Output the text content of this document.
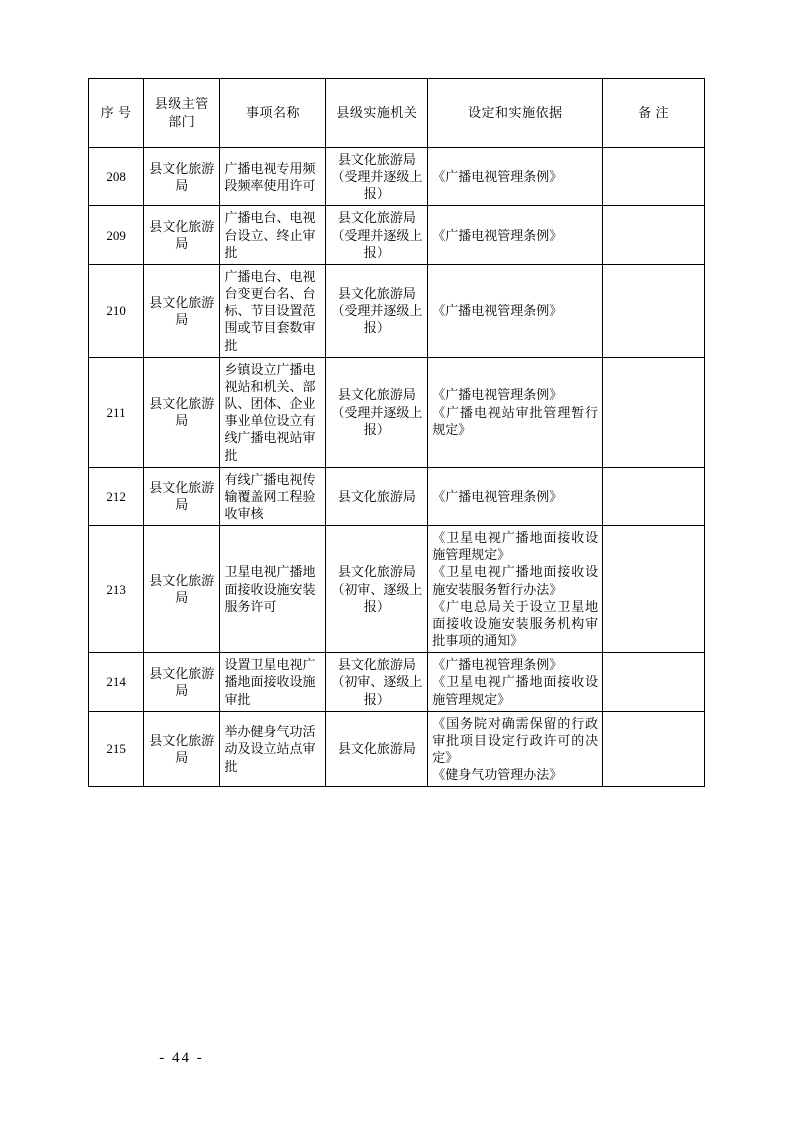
序 号	县级主管部门	事项名称	县级实施机关	设定和实施依据	备 注
208	县文化旅游局	广播电视专用频段频率使用许可	县文化旅游局（受理并逐级上报）	《广播电视管理条例》	

209	县文化旅游局	广播电台、电视台设立、终止审批	县文化旅游局（受理并逐级上报）	《广播电视管理条例》	

210	县文化旅游局	广播电台、电视台变更台名、台标、节目设置范围或节目套数审批	县文化旅游局（受理并逐级上报）	《广播电视管理条例》	

211	县文化旅游局	乡镇设立广播电视站和机关、部队、团体、企业事业单位设立有线广播电视站审批	县文化旅游局（受理并逐级上报）	《广播电视管理条例》
《广播电视站审批管理暂行规定》	

212	县文化旅游局	有线广播电视传输覆盖网工程验收审核	县文化旅游局	《广播电视管理条例》	

213	县文化旅游局	卫星电视广播地面接收设施安装服务许可	县文化旅游局（初审、逐级上报）	《卫星电视广播地面接收设施管理规定》
《卫星电视广播地面接收设施安装服务暂行办法》
《广电总局关于设立卫星地面接收设施安装服务机构审批事项的通知》	

214	县文化旅游局	设置卫星电视广播地面接收设施审批	县文化旅游局（初审、逐级上报）	《广播电视管理条例》
《卫星电视广播地面接收设施管理规定》	

215	县文化旅游局	举办健身气功活动及设立站点审批	县文化旅游局	《国务院对确需保留的行政审批项目设定行政许可的决定》
《健身气功管理办法》	

- 44 -
